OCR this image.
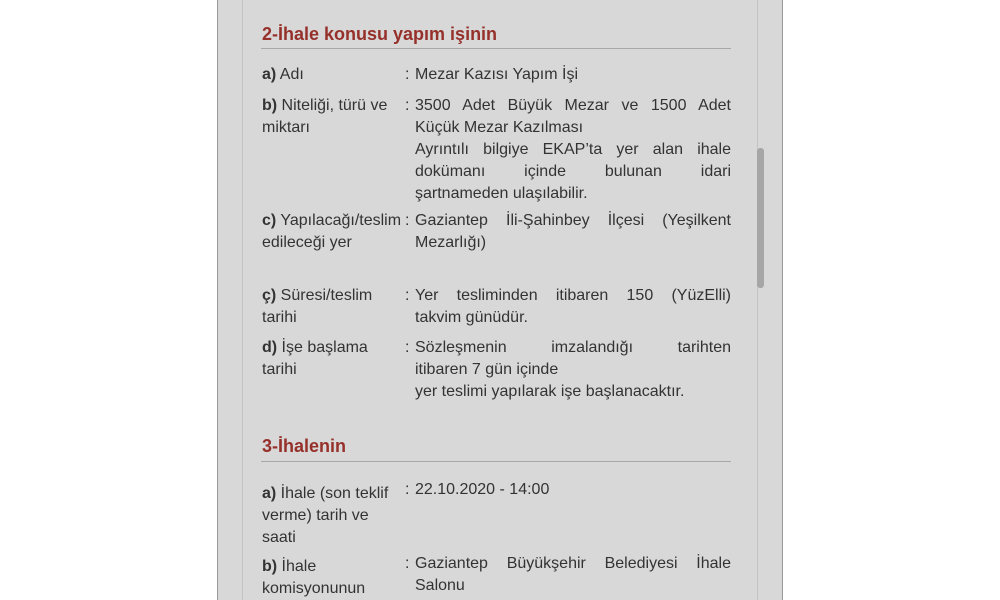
2-İhale konusu yapım işinin
a) Adı	: Mezar Kazısı Yapım İşi
b) Niteliği, türü ve miktarı
: 3500 Adet Büyük Mezar ve 1500 Adet
Küçük Mezar Kazılması
Ayrıntılı bilgiye EKAP’ta yer alan ihale
dokümanı içinde bulunan idari
şartnameden ulaşılabilir.
c) Yapılacağı/teslim edileceği yer
: Gaziantep İli-Şahinbey İlçesi (Yeşilkent
Mezarlığı)
ç) Süresi/teslim tarihi
: Yer tesliminden itibaren 150 (YüzElli)
takvim günüdür.
d) İşe başlama tarihi
: Sözleşmenin imzalandığı tarihten
itibaren 7 gün içinde
yer teslimi yapılarak işe başlanacaktır.
3-İhalenin
a) İhale (son teklif verme) tarih ve saati
: 22.10.2020 - 14:00
b) İhale komisyonunun
: Gaziantep Büyükşehir Belediyesi İhale
Salonu
